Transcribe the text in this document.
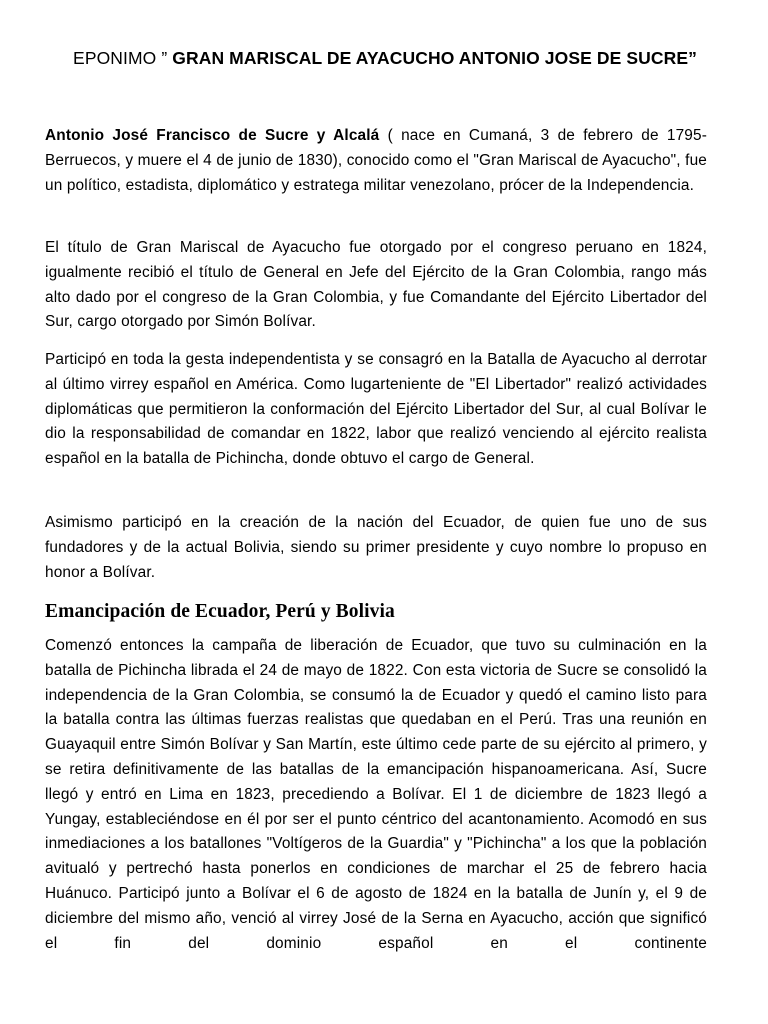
EPONIMO ” GRAN MARISCAL DE AYACUCHO ANTONIO JOSE DE SUCRE”

Antonio José Francisco de Sucre y Alcalá ( nace en Cumaná, 3 de febrero de 1795-Berruecos, y muere el 4 de junio de 1830), conocido como el "Gran Mariscal de Ayacucho", fue un político, estadista, diplomático y estratega militar venezolano, prócer de la Independencia.

El título de Gran Mariscal de Ayacucho fue otorgado por el congreso peruano en 1824, igualmente recibió el título de General en Jefe del Ejército de la Gran Colombia, rango más alto dado por el congreso de la Gran Colombia, y fue Comandante del Ejército Libertador del Sur, cargo otorgado por Simón Bolívar.

Participó en toda la gesta independentista y se consagró en la Batalla de Ayacucho al derrotar al último virrey español en América. Como lugarteniente de "El Libertador" realizó actividades diplomáticas que permitieron la conformación del Ejército Libertador del Sur, al cual Bolívar le dio la responsabilidad de comandar en 1822, labor que realizó venciendo al ejército realista español en la batalla de Pichincha, donde obtuvo el cargo de General.

Asimismo participó en la creación de la nación del Ecuador, de quien fue uno de sus fundadores y de la actual Bolivia, siendo su primer presidente y cuyo nombre lo propuso en honor a Bolívar.

Emancipación de Ecuador, Perú y Bolivia

Comenzó entonces la campaña de liberación de Ecuador, que tuvo su culminación en la batalla de Pichincha librada el 24 de mayo de 1822. Con esta victoria de Sucre se consolidó la independencia de la Gran Colombia, se consumó la de Ecuador y quedó el camino listo para la batalla contra las últimas fuerzas realistas que quedaban en el Perú. Tras una reunión en Guayaquil entre Simón Bolívar y San Martín, este último cede parte de su ejército al primero, y se retira definitivamente de las batallas de la emancipación hispanoamericana. Así, Sucre llegó y entró en Lima en 1823, precediendo a Bolívar. El 1 de diciembre de 1823 llegó a Yungay, estableciéndose en él por ser el punto céntrico del acantonamiento. Acomodó en sus inmediaciones a los batallones "Voltígeros de la Guardia" y "Pichincha" a los que la población avitualó y pertrechó hasta ponerlos en condiciones de marchar el 25 de febrero hacia Huánuco. Participó junto a Bolívar el 6 de agosto de 1824 en la batalla de Junín y, el 9 de diciembre del mismo año, venció al virrey José de la Serna en Ayacucho, acción que significó el fin del dominio español en el continente
